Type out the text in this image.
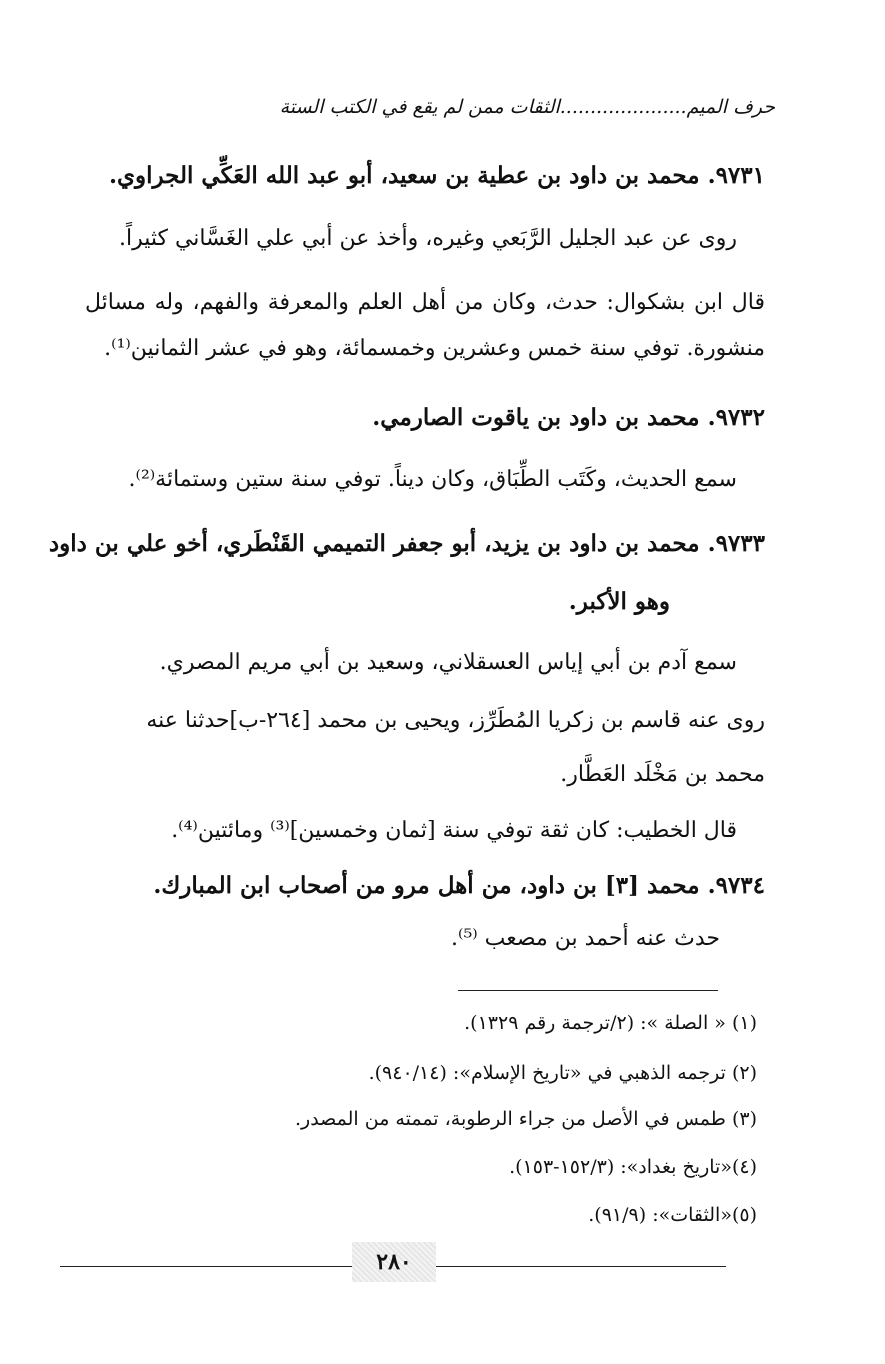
حرف الميم.....................الثقات ممن لم يقع في الكتب الستة
٩٧٣١. محمد بن داود بن عطية بن سعيد، أبو عبد الله العَكِّي الجراوي.
روى عن عبد الجليل الرَّبَعي وغيره، وأخذ عن أبي علي الغَسَّاني كثيراً.
قال ابن بشكوال: حدث، وكان من أهل العلم والمعرفة والفهم، وله مسائل
منشورة. توفي سنة خمس وعشرين وخمسمائة، وهو في عشر الثمانين⁽¹⁾.
٩٧٣٢. محمد بن داود بن ياقوت الصارمي.
سمع الحديث، وكَتَب الطِّبَاق، وكان ديناً. توفي سنة ستين وستمائة⁽²⁾.
٩٧٣٣. محمد بن داود بن يزيد، أبو جعفر التميمي القَنْطَري، أخو علي بن داود
وهو الأكبر.
سمع آدم بن أبي إياس العسقلاني، وسعيد بن أبي مريم المصري.
روى عنه قاسم بن زكريا المُطَرِّز، ويحيى بن محمد [٢٦٤-ب]حدثنا عنه
محمد بن مَخْلَد العَطَّار.
قال الخطيب: كان ثقة توفي سنة [ثمان وخمسين]⁽³⁾ ومائتين⁽⁴⁾.
٩٧٣٤. محمد [٣] بن داود، من أهل مرو من أصحاب ابن المبارك.
حدث عنه أحمد بن مصعب ⁽⁵⁾.
(١) « الصلة »: (٢/ترجمة رقم ١٣٢٩).
(٢) ترجمه الذهبي في «تاريخ الإسلام»: (٩٤٠/١٤).
(٣) طمس في الأصل من جراء الرطوبة، تممته من المصدر.
(٤)«تاريخ بغداد»: (١٥٢/٣-١٥٣).
(٥)«الثقات»: (٩١/٩).
٢٨٠
